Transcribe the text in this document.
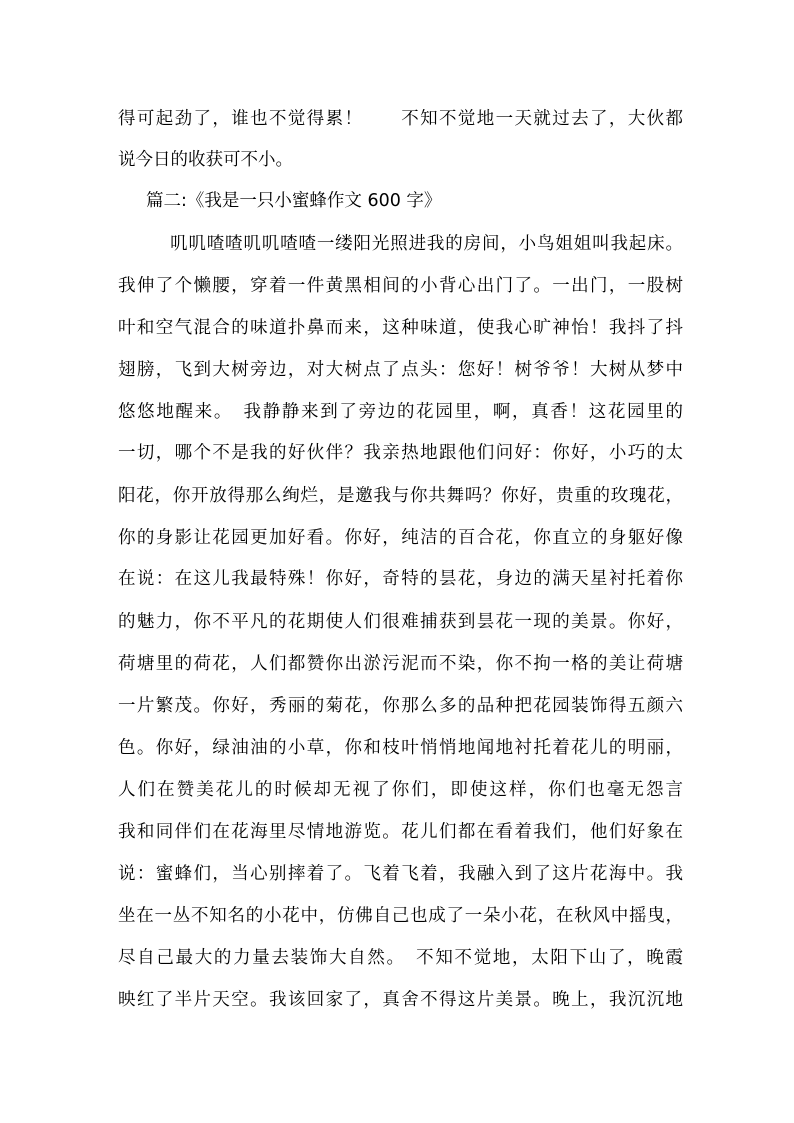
得可起劲了，谁也不觉得累！　　不知不觉地一天就过去了，大伙都
说今日的收获可不小。
篇二:《我是一只小蜜蜂作文 600 字》
叽叽喳喳叽叽喳喳一缕阳光照进我的房间，小鸟姐姐叫我起床。
我伸了个懒腰，穿着一件黄黑相间的小背心出门了。一出门，一股树
叶和空气混合的味道扑鼻而来，这种味道，使我心旷神怡！我抖了抖
翅膀，飞到大树旁边，对大树点了点头：您好！树爷爷！大树从梦中
悠悠地醒来。　我静静来到了旁边的花园里，啊，真香！这花园里的
一切，哪个不是我的好伙伴？我亲热地跟他们问好：你好，小巧的太
阳花，你开放得那么绚烂，是邀我与你共舞吗？你好，贵重的玫瑰花，
你的身影让花园更加好看。你好，纯洁的百合花，你直立的身躯好像
在说：在这儿我最特殊！你好，奇特的昙花，身边的满天星衬托着你
的魅力，你不平凡的花期使人们很难捕获到昙花一现的美景。你好，
荷塘里的荷花，人们都赞你出淤污泥而不染，你不拘一格的美让荷塘
一片繁茂。你好，秀丽的菊花，你那么多的品种把花园装饰得五颜六
色。你好，绿油油的小草，你和枝叶悄悄地闻地衬托着花儿的明丽，
人们在赞美花儿的时候却无视了你们，即使这样，你们也毫无怨言
我和同伴们在花海里尽情地游览。花儿们都在看着我们，他们好象在
说：蜜蜂们，当心别摔着了。飞着飞着，我融入到了这片花海中。我
坐在一丛不知名的小花中，仿佛自己也成了一朵小花，在秋风中摇曳，
尽自己最大的力量去装饰大自然。　不知不觉地，太阳下山了，晚霞
映红了半片天空。我该回家了，真舍不得这片美景。晚上，我沉沉地
